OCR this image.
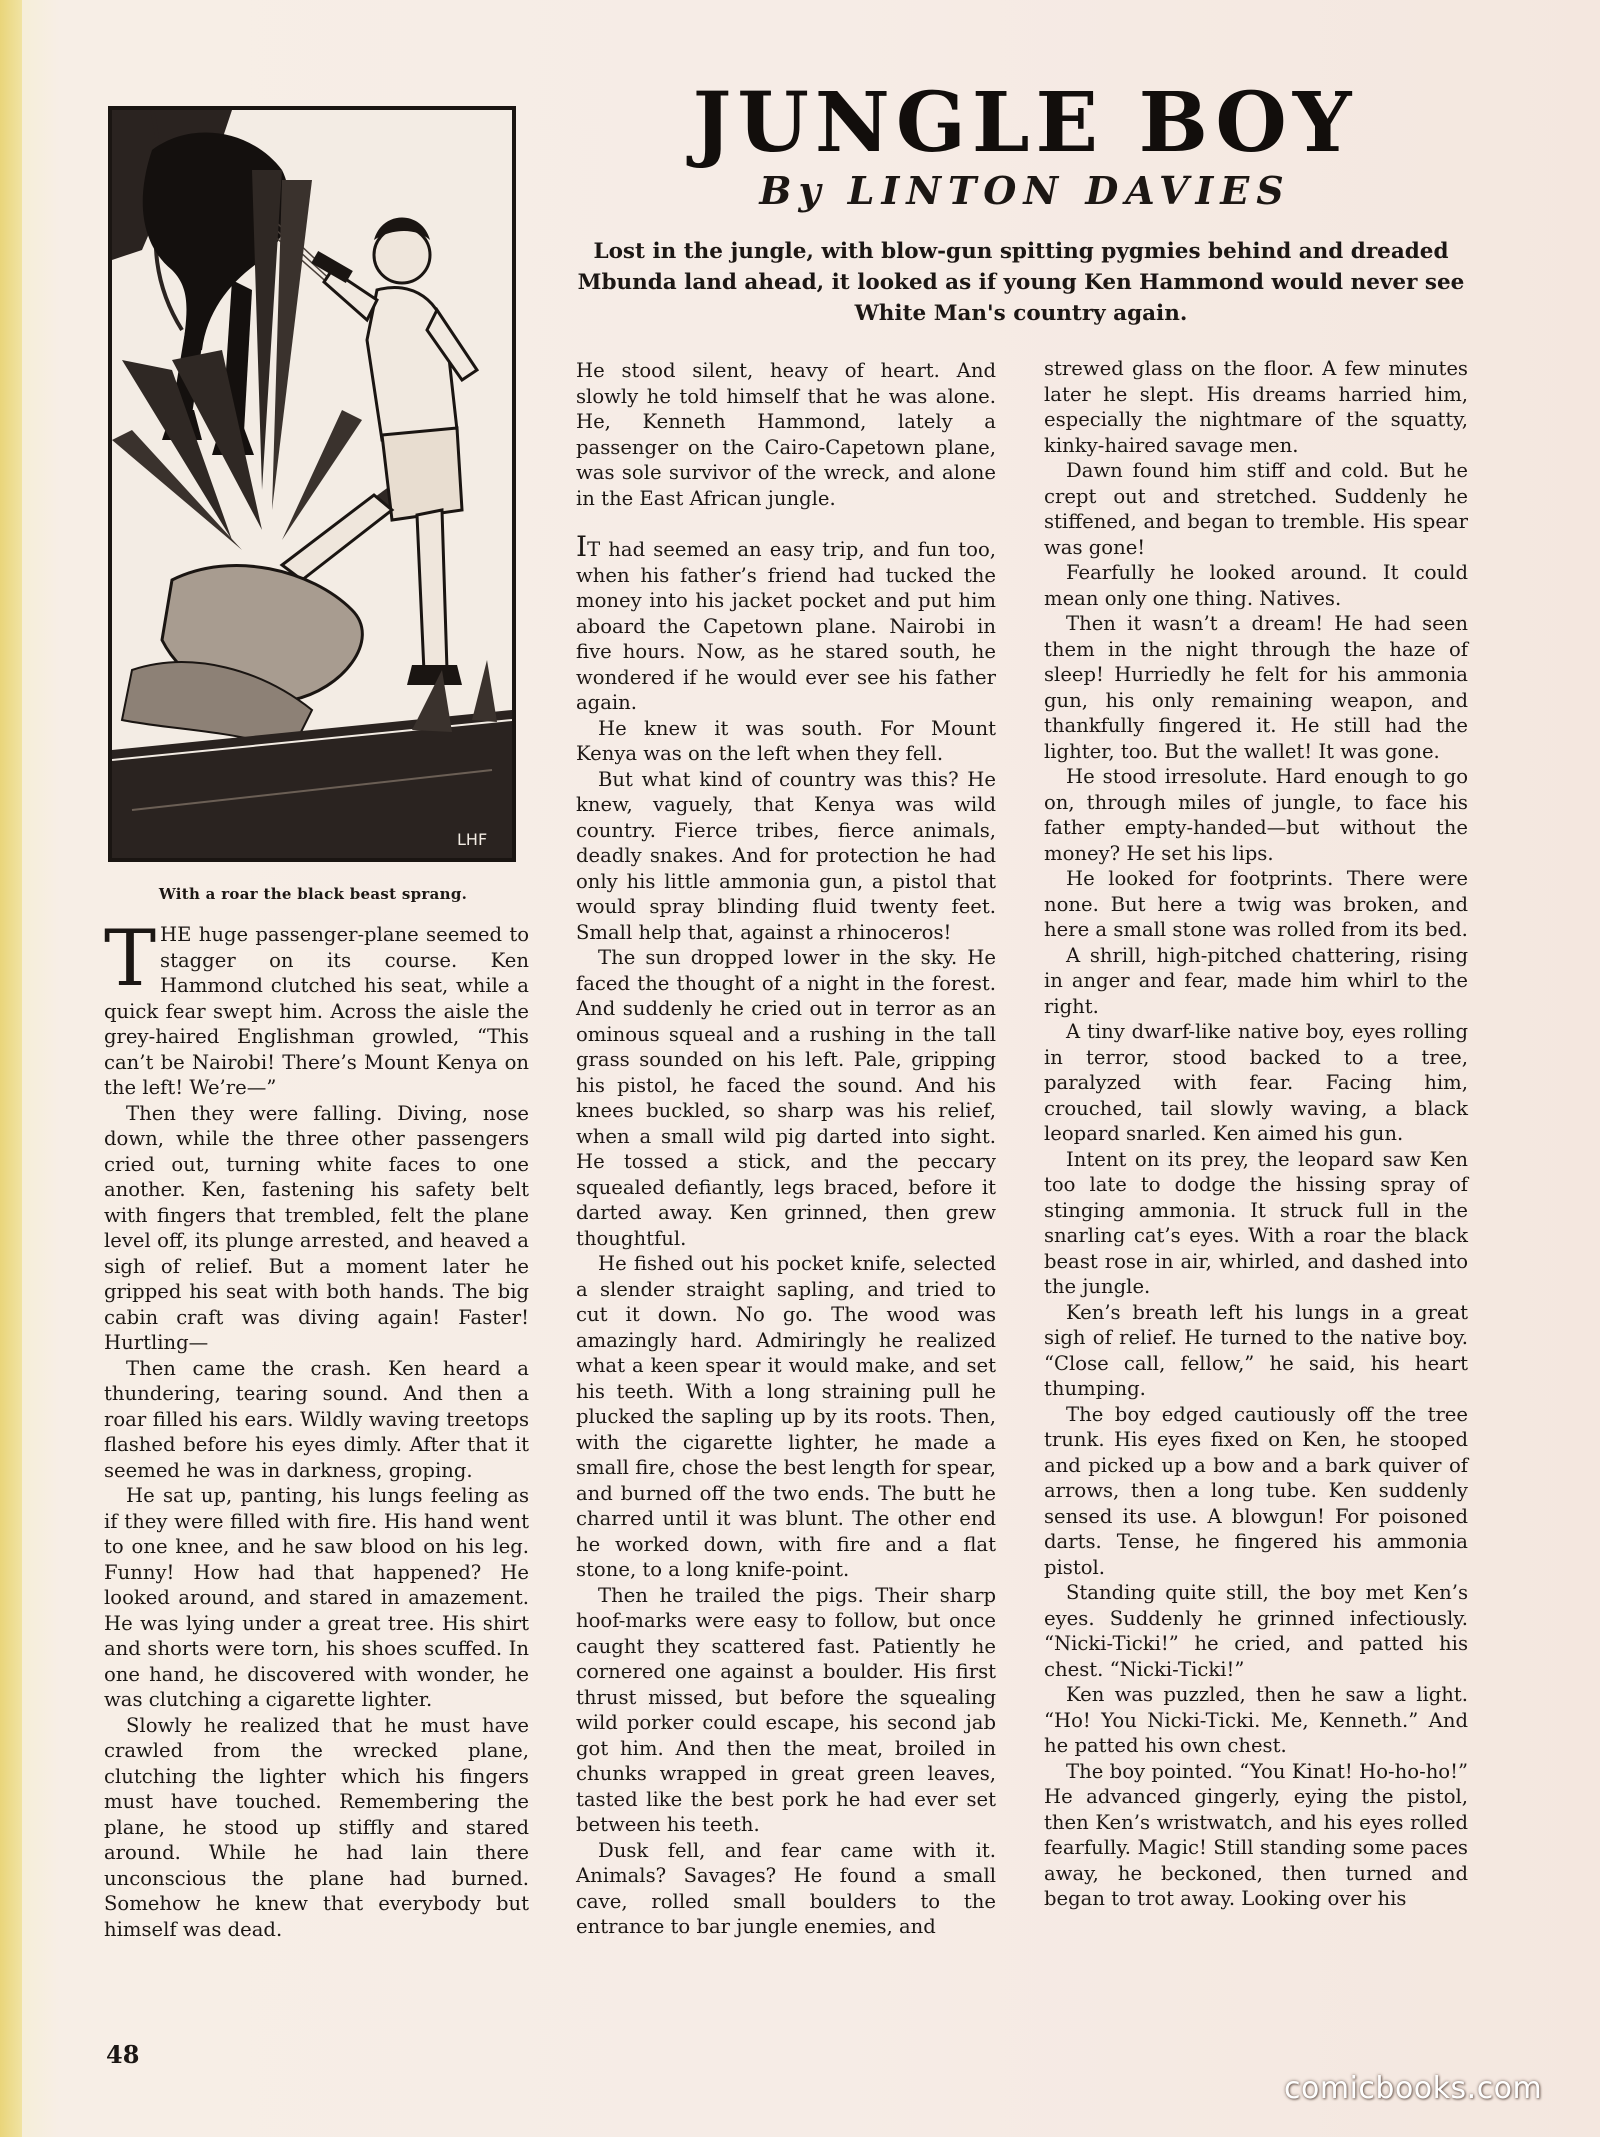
LHF
With a roar the black beast sprang.
JUNGLE BOY
By LINTON DAVIES
Lost in the jungle, with blow-gun spitting pygmies behind and dreaded Mbunda land ahead, it looked as if young Ken Hammond would never see White Man's country again.

THE huge passenger-plane seemed to stagger on its course. Ken Hammond clutched his seat, while a quick fear swept him. Across the aisle the grey-haired Englishman growled, “This can’t be Nairobi! There’s Mount Kenya on the left! We’re—”

Then they were falling. Diving, nose down, while the three other passengers cried out, turning white faces to one another. Ken, fastening his safety belt with fingers that trembled, felt the plane level off, its plunge arrested, and heaved a sigh of relief. But a moment later he gripped his seat with both hands. The big cabin craft was diving again! Faster! Hurtling—

Then came the crash. Ken heard a thundering, tearing sound. And then a roar filled his ears. Wildly waving treetops flashed before his eyes dimly. After that it seemed he was in darkness, groping.

He sat up, panting, his lungs feeling as if they were filled with fire. His hand went to one knee, and he saw blood on his leg. Funny! How had that happened? He looked around, and stared in amazement. He was lying under a great tree. His shirt and shorts were torn, his shoes scuffed. In one hand, he discovered with wonder, he was clutching a cigarette lighter.

Slowly he realized that he must have crawled from the wrecked plane, clutching the lighter which his fingers must have touched. Remembering the plane, he stood up stiffly and stared around. While he had lain there unconscious the plane had burned. Somehow he knew that everybody but himself was dead.

He stood silent, heavy of heart. And slowly he told himself that he was alone. He, Kenneth Hammond, lately a passenger on the Cairo-Capetown plane, was sole survivor of the wreck, and alone in the East African jungle.

IT had seemed an easy trip, and fun too, when his father’s friend had tucked the money into his jacket pocket and put him aboard the Capetown plane. Nairobi in five hours. Now, as he stared south, he wondered if he would ever see his father again.

He knew it was south. For Mount Kenya was on the left when they fell.

But what kind of country was this? He knew, vaguely, that Kenya was wild country. Fierce tribes, fierce animals, deadly snakes. And for protection he had only his little ammonia gun, a pistol that would spray blinding fluid twenty feet. Small help that, against a rhinoceros!

The sun dropped lower in the sky. He faced the thought of a night in the forest. And suddenly he cried out in terror as an ominous squeal and a rushing in the tall grass sounded on his left. Pale, gripping his pistol, he faced the sound. And his knees buckled, so sharp was his relief, when a small wild pig darted into sight. He tossed a stick, and the peccary squealed defiantly, legs braced, before it darted away. Ken grinned, then grew thoughtful.

He fished out his pocket knife, selected a slender straight sapling, and tried to cut it down. No go. The wood was amazingly hard. Admiringly he realized what a keen spear it would make, and set his teeth. With a long straining pull he plucked the sapling up by its roots. Then, with the cigarette lighter, he made a small fire, chose the best length for spear, and burned off the two ends. The butt he charred until it was blunt. The other end he worked down, with fire and a flat stone, to a long knife-point.

Then he trailed the pigs. Their sharp hoof-marks were easy to follow, but once caught they scattered fast. Patiently he cornered one against a boulder. His first thrust missed, but before the squealing wild porker could escape, his second jab got him. And then the meat, broiled in chunks wrapped in great green leaves, tasted like the best pork he had ever set between his teeth.

Dusk fell, and fear came with it. Animals? Savages? He found a small cave, rolled small boulders to the entrance to bar jungle enemies, and

strewed glass on the floor. A few minutes later he slept. His dreams harried him, especially the nightmare of the squatty, kinky-haired savage men.

Dawn found him stiff and cold. But he crept out and stretched. Suddenly he stiffened, and began to tremble. His spear was gone!

Fearfully he looked around. It could mean only one thing. Natives.

Then it wasn’t a dream! He had seen them in the night through the haze of sleep! Hurriedly he felt for his ammonia gun, his only remaining weapon, and thankfully fingered it. He still had the lighter, too. But the wallet! It was gone.

He stood irresolute. Hard enough to go on, through miles of jungle, to face his father empty-handed—but without the money? He set his lips.

He looked for footprints. There were none. But here a twig was broken, and here a small stone was rolled from its bed.

A shrill, high-pitched chattering, rising in anger and fear, made him whirl to the right.

A tiny dwarf-like native boy, eyes rolling in terror, stood backed to a tree, paralyzed with fear. Facing him, crouched, tail slowly waving, a black leopard snarled. Ken aimed his gun.

Intent on its prey, the leopard saw Ken too late to dodge the hissing spray of stinging ammonia. It struck full in the snarling cat’s eyes. With a roar the black beast rose in air, whirled, and dashed into the jungle.

Ken’s breath left his lungs in a great sigh of relief. He turned to the native boy. “Close call, fellow,” he said, his heart thumping.

The boy edged cautiously off the tree trunk. His eyes fixed on Ken, he stooped and picked up a bow and a bark quiver of arrows, then a long tube. Ken suddenly sensed its use. A blowgun! For poisoned darts. Tense, he fingered his ammonia pistol.

Standing quite still, the boy met Ken’s eyes. Suddenly he grinned infectiously. “Nicki-Ticki!” he cried, and patted his chest. “Nicki-Ticki!”

Ken was puzzled, then he saw a light. “Ho! You Nicki-Ticki. Me, Kenneth.” And he patted his own chest.

The boy pointed. “You Kinat! Ho-ho-ho!” He advanced gingerly, eying the pistol, then Ken’s wristwatch, and his eyes rolled fearfully. Magic! Still standing some paces away, he beckoned, then turned and began to trot away. Looking over his

48
comicbooks.com
